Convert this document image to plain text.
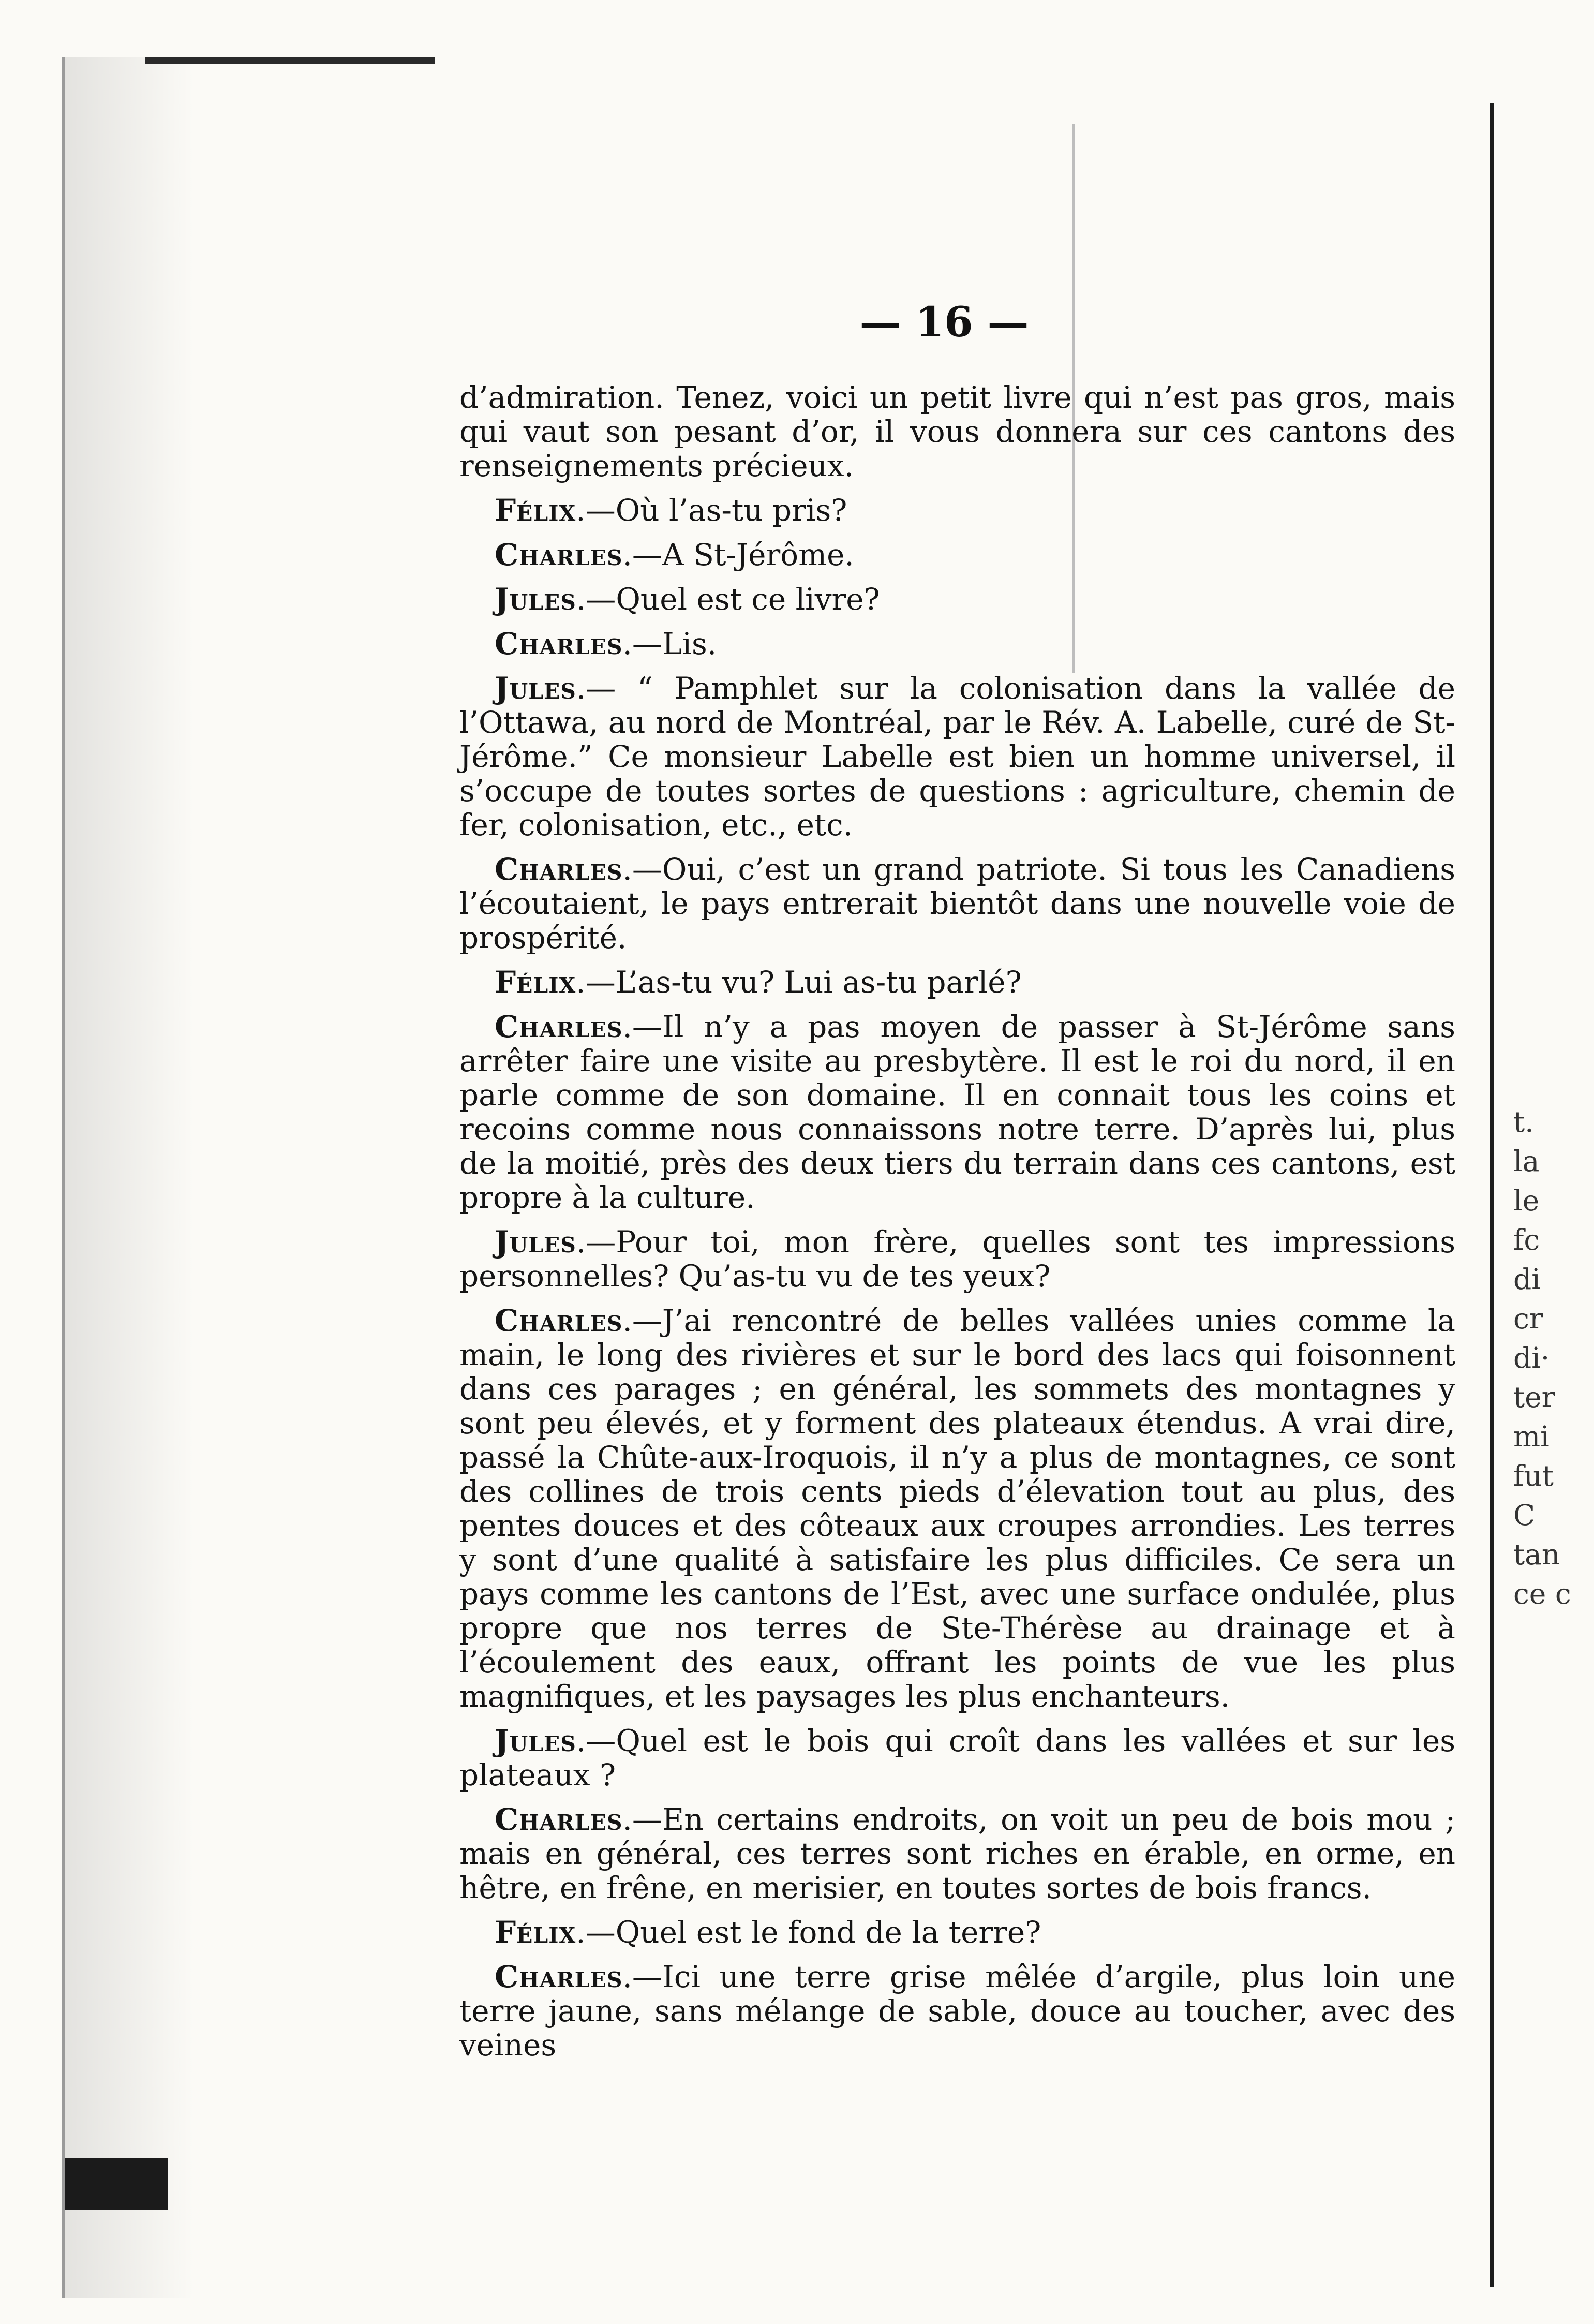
— 16 —

d’admiration. Tenez, voici un petit livre qui n’est pas gros, mais qui vaut son pesant d’or, il vous donnera sur ces cantons des renseignements précieux.

Félix.—Où l’as-tu pris?

Charles.—A St-Jérôme.

Jules.—Quel est ce livre?

Charles.—Lis.

Jules.— “ Pamphlet sur la colonisation dans la vallée de l’Ottawa, au nord de Montréal, par le Rév. A. Labelle, curé de St-Jérôme.” Ce monsieur Labelle est bien un homme universel, il s’occupe de toutes sortes de questions : agriculture, chemin de fer, colonisation, etc., etc.

Charles.—Oui, c’est un grand patriote. Si tous les Canadiens l’écoutaient, le pays entrerait bientôt dans une nouvelle voie de prospérité.

Félix.—L’as-tu vu? Lui as-tu parlé?

Charles.—Il n’y a pas moyen de passer à St-Jérôme sans arrêter faire une visite au presbytère. Il est le roi du nord, il en parle comme de son domaine. Il en connait tous les coins et recoins comme nous connaissons notre terre. D’après lui, plus de la moitié, près des deux tiers du terrain dans ces cantons, est propre à la culture.

Jules.—Pour toi, mon frère, quelles sont tes impressions personnelles? Qu’as-tu vu de tes yeux?

Charles.—J’ai rencontré de belles vallées unies comme la main, le long des rivières et sur le bord des lacs qui foisonnent dans ces parages ; en général, les sommets des montagnes y sont peu élevés, et y forment des plateaux étendus. A vrai dire, passé la Chûte-aux-Iroquois, il n’y a plus de montagnes, ce sont des collines de trois cents pieds d’élevation tout au plus, des pentes douces et des côteaux aux croupes arrondies. Les terres y sont d’une qualité à satisfaire les plus difficiles. Ce sera un pays comme les cantons de l’Est, avec une surface ondulée, plus propre que nos terres de Ste-Thérèse au drainage et à l’écoulement des eaux, offrant les points de vue les plus magnifiques, et les paysages les plus enchanteurs.

Jules.—Quel est le bois qui croît dans les vallées et sur les plateaux ?

Charles.—En certains endroits, on voit un peu de bois mou ; mais en général, ces terres sont riches en érable, en orme, en hêtre, en frêne, en merisier, en toutes sortes de bois francs.

Félix.—Quel est le fond de la terre?

Charles.—Ici une terre grise mêlée d’argile, plus loin une terre jaune, sans mélange de sable, douce au toucher, avec des veines

t.
la
le
fc
di
cr
di·
ter
mi
fut
C
tan
ce c
